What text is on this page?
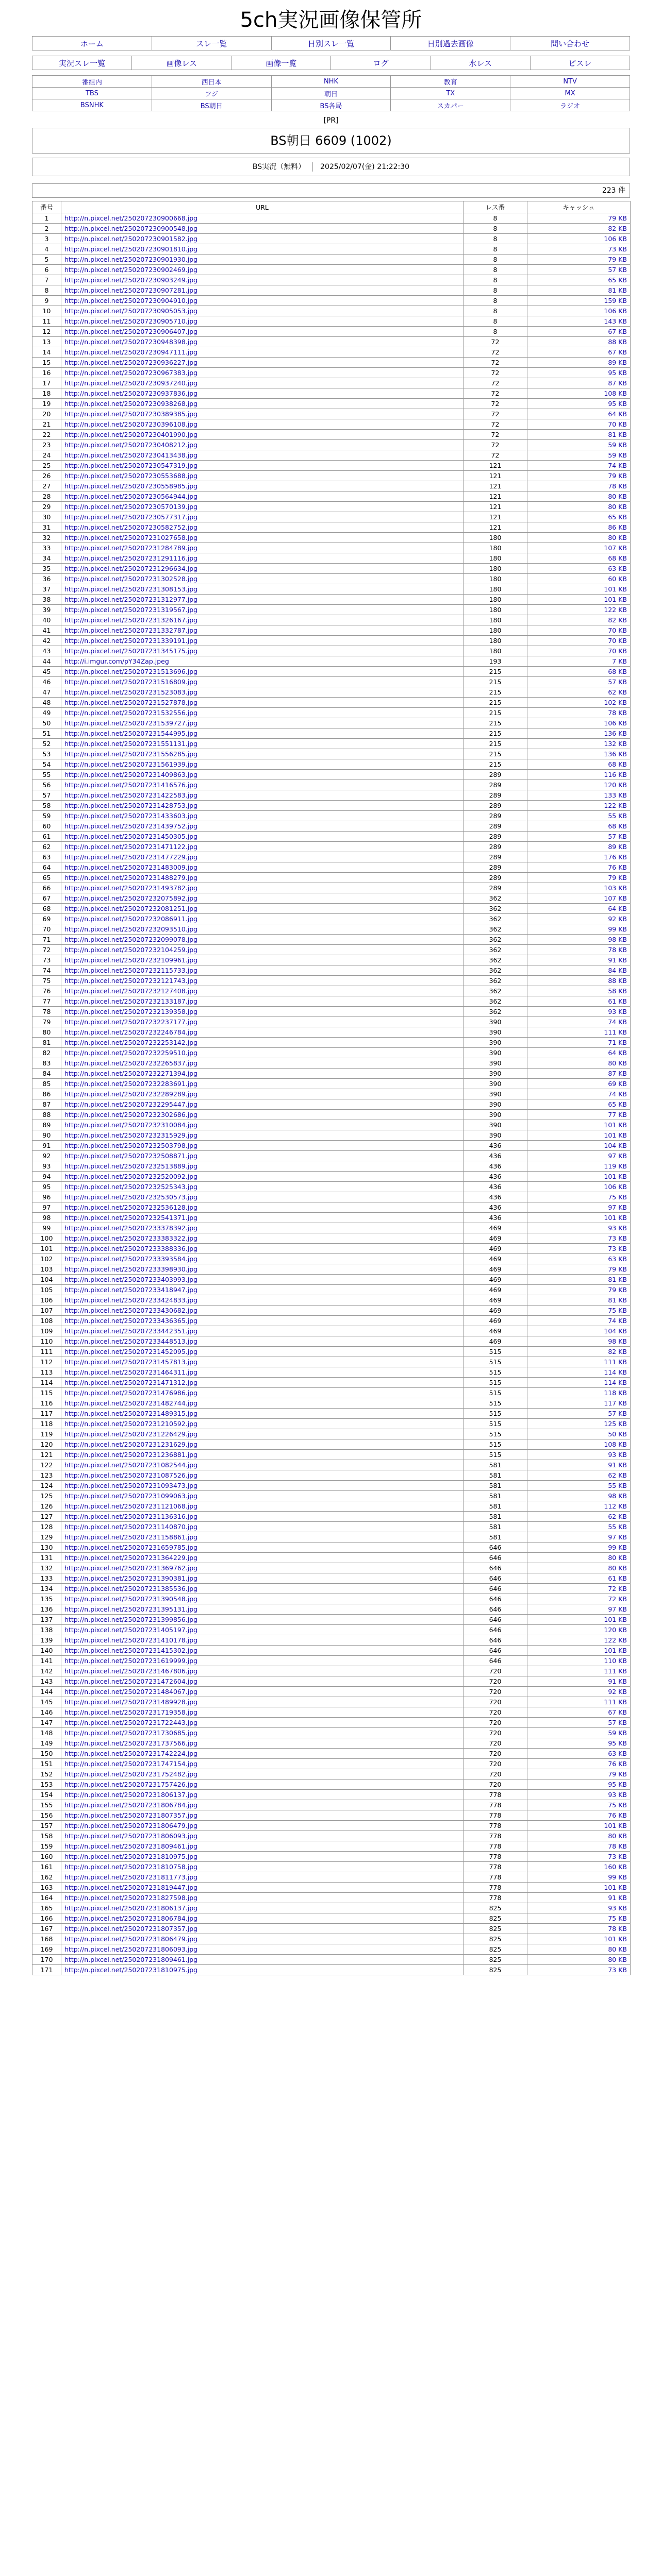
5ch実況画像保管所
ホーム	スレ一覧	日別スレ一覧	日別過去画像	問い合わせ
実況スレ一覧	画像レス	画像一覧	ログ	水レス	ピスレ
番組内	西日本	NHK	教育	NTV
TBS	フジ	朝日	TX	MX
BSNHK	BS朝日	BS各局	スカパー	ラジオ
[PR]
BS朝日 6609 (1002)
BS実況（無料） 2025/02/07(金) 21:22:30
223 件
番号	URL	レス番	キャッシュ
1	http://n.pixcel.net/250207230900668.jpg	8	79 KB
2	http://n.pixcel.net/250207230900548.jpg	8	82 KB
3	http://n.pixcel.net/250207230901582.jpg	8	106 KB
4	http://n.pixcel.net/250207230901810.jpg	8	73 KB
5	http://n.pixcel.net/250207230901930.jpg	8	79 KB
6	http://n.pixcel.net/250207230902469.jpg	8	57 KB
7	http://n.pixcel.net/250207230903249.jpg	8	65 KB
8	http://n.pixcel.net/250207230907281.jpg	8	81 KB
9	http://n.pixcel.net/250207230904910.jpg	8	159 KB
10	http://n.pixcel.net/250207230905053.jpg	8	106 KB
11	http://n.pixcel.net/250207230905710.jpg	8	143 KB
12	http://n.pixcel.net/250207230906407.jpg	8	67 KB
13	http://n.pixcel.net/250207230948398.jpg	72	88 KB
14	http://n.pixcel.net/250207230947111.jpg	72	67 KB
15	http://n.pixcel.net/250207230936227.jpg	72	89 KB
16	http://n.pixcel.net/250207230967383.jpg	72	95 KB
17	http://n.pixcel.net/250207230937240.jpg	72	87 KB
18	http://n.pixcel.net/250207230937836.jpg	72	108 KB
19	http://n.pixcel.net/250207230938268.jpg	72	95 KB
20	http://n.pixcel.net/250207230389385.jpg	72	64 KB
21	http://n.pixcel.net/250207230396108.jpg	72	70 KB
22	http://n.pixcel.net/250207230401990.jpg	72	81 KB
23	http://n.pixcel.net/250207230408212.jpg	72	59 KB
24	http://n.pixcel.net/250207230413438.jpg	72	59 KB
25	http://n.pixcel.net/250207230547319.jpg	121	74 KB
26	http://n.pixcel.net/250207230553688.jpg	121	79 KB
27	http://n.pixcel.net/250207230558985.jpg	121	78 KB
28	http://n.pixcel.net/250207230564944.jpg	121	80 KB
29	http://n.pixcel.net/250207230570139.jpg	121	80 KB
30	http://n.pixcel.net/250207230577317.jpg	121	65 KB
31	http://n.pixcel.net/250207230582752.jpg	121	86 KB
32	http://n.pixcel.net/250207231027658.jpg	180	80 KB
33	http://n.pixcel.net/250207231284789.jpg	180	107 KB
34	http://n.pixcel.net/250207231291116.jpg	180	68 KB
35	http://n.pixcel.net/250207231296634.jpg	180	63 KB
36	http://n.pixcel.net/250207231302528.jpg	180	60 KB
37	http://n.pixcel.net/250207231308153.jpg	180	101 KB
38	http://n.pixcel.net/250207231312977.jpg	180	101 KB
39	http://n.pixcel.net/250207231319567.jpg	180	122 KB
40	http://n.pixcel.net/250207231326167.jpg	180	82 KB
41	http://n.pixcel.net/250207231332787.jpg	180	70 KB
42	http://n.pixcel.net/250207231339191.jpg	180	70 KB
43	http://n.pixcel.net/250207231345175.jpg	180	70 KB
44	http://i.imgur.com/pY34Zap.jpeg	193	7 KB
45	http://n.pixcel.net/250207231513696.jpg	215	68 KB
46	http://n.pixcel.net/250207231516809.jpg	215	57 KB
47	http://n.pixcel.net/250207231523083.jpg	215	62 KB
48	http://n.pixcel.net/250207231527878.jpg	215	102 KB
49	http://n.pixcel.net/250207231532556.jpg	215	78 KB
50	http://n.pixcel.net/250207231539727.jpg	215	106 KB
51	http://n.pixcel.net/250207231544995.jpg	215	136 KB
52	http://n.pixcel.net/250207231551131.jpg	215	132 KB
53	http://n.pixcel.net/250207231556285.jpg	215	136 KB
54	http://n.pixcel.net/250207231561939.jpg	215	68 KB
55	http://n.pixcel.net/250207231409863.jpg	289	116 KB
56	http://n.pixcel.net/250207231416576.jpg	289	120 KB
57	http://n.pixcel.net/250207231422583.jpg	289	133 KB
58	http://n.pixcel.net/250207231428753.jpg	289	122 KB
59	http://n.pixcel.net/250207231433603.jpg	289	55 KB
60	http://n.pixcel.net/250207231439752.jpg	289	68 KB
61	http://n.pixcel.net/250207231450305.jpg	289	57 KB
62	http://n.pixcel.net/250207231471122.jpg	289	89 KB
63	http://n.pixcel.net/250207231477229.jpg	289	176 KB
64	http://n.pixcel.net/250207231483009.jpg	289	76 KB
65	http://n.pixcel.net/250207231488279.jpg	289	79 KB
66	http://n.pixcel.net/250207231493782.jpg	289	103 KB
67	http://n.pixcel.net/250207232075892.jpg	362	107 KB
68	http://n.pixcel.net/250207232081251.jpg	362	64 KB
69	http://n.pixcel.net/250207232086911.jpg	362	92 KB
70	http://n.pixcel.net/250207232093510.jpg	362	99 KB
71	http://n.pixcel.net/250207232099078.jpg	362	98 KB
72	http://n.pixcel.net/250207232104259.jpg	362	78 KB
73	http://n.pixcel.net/250207232109961.jpg	362	91 KB
74	http://n.pixcel.net/250207232115733.jpg	362	84 KB
75	http://n.pixcel.net/250207232121743.jpg	362	88 KB
76	http://n.pixcel.net/250207232127408.jpg	362	58 KB
77	http://n.pixcel.net/250207232133187.jpg	362	61 KB
78	http://n.pixcel.net/250207232139358.jpg	362	93 KB
79	http://n.pixcel.net/250207232237177.jpg	390	74 KB
80	http://n.pixcel.net/250207232246784.jpg	390	111 KB
81	http://n.pixcel.net/250207232253142.jpg	390	71 KB
82	http://n.pixcel.net/250207232259510.jpg	390	64 KB
83	http://n.pixcel.net/250207232265837.jpg	390	80 KB
84	http://n.pixcel.net/250207232271394.jpg	390	87 KB
85	http://n.pixcel.net/250207232283691.jpg	390	69 KB
86	http://n.pixcel.net/250207232289289.jpg	390	74 KB
87	http://n.pixcel.net/250207232295447.jpg	390	65 KB
88	http://n.pixcel.net/250207232302686.jpg	390	77 KB
89	http://n.pixcel.net/250207232310084.jpg	390	101 KB
90	http://n.pixcel.net/250207232315929.jpg	390	101 KB
91	http://n.pixcel.net/250207232503798.jpg	436	104 KB
92	http://n.pixcel.net/250207232508871.jpg	436	97 KB
93	http://n.pixcel.net/250207232513889.jpg	436	119 KB
94	http://n.pixcel.net/250207232520092.jpg	436	101 KB
95	http://n.pixcel.net/250207232525343.jpg	436	106 KB
96	http://n.pixcel.net/250207232530573.jpg	436	75 KB
97	http://n.pixcel.net/250207232536128.jpg	436	97 KB
98	http://n.pixcel.net/250207232541371.jpg	436	101 KB
99	http://n.pixcel.net/250207233378392.jpg	469	93 KB
100	http://n.pixcel.net/250207233383322.jpg	469	73 KB
101	http://n.pixcel.net/250207233388336.jpg	469	73 KB
102	http://n.pixcel.net/250207233393584.jpg	469	63 KB
103	http://n.pixcel.net/250207233398930.jpg	469	79 KB
104	http://n.pixcel.net/250207233403993.jpg	469	81 KB
105	http://n.pixcel.net/250207233418947.jpg	469	79 KB
106	http://n.pixcel.net/250207233424833.jpg	469	81 KB
107	http://n.pixcel.net/250207233430682.jpg	469	75 KB
108	http://n.pixcel.net/250207233436365.jpg	469	74 KB
109	http://n.pixcel.net/250207233442351.jpg	469	104 KB
110	http://n.pixcel.net/250207233448513.jpg	469	98 KB
111	http://n.pixcel.net/250207231452095.jpg	515	82 KB
112	http://n.pixcel.net/250207231457813.jpg	515	111 KB
113	http://n.pixcel.net/250207231464311.jpg	515	114 KB
114	http://n.pixcel.net/250207231471312.jpg	515	114 KB
115	http://n.pixcel.net/250207231476986.jpg	515	118 KB
116	http://n.pixcel.net/250207231482744.jpg	515	117 KB
117	http://n.pixcel.net/250207231489315.jpg	515	57 KB
118	http://n.pixcel.net/250207231210592.jpg	515	125 KB
119	http://n.pixcel.net/250207231226429.jpg	515	50 KB
120	http://n.pixcel.net/250207231231629.jpg	515	108 KB
121	http://n.pixcel.net/250207231236881.jpg	515	93 KB
122	http://n.pixcel.net/250207231082544.jpg	581	91 KB
123	http://n.pixcel.net/250207231087526.jpg	581	62 KB
124	http://n.pixcel.net/250207231093473.jpg	581	55 KB
125	http://n.pixcel.net/250207231099063.jpg	581	98 KB
126	http://n.pixcel.net/250207231121068.jpg	581	112 KB
127	http://n.pixcel.net/250207231136316.jpg	581	62 KB
128	http://n.pixcel.net/250207231140870.jpg	581	55 KB
129	http://n.pixcel.net/250207231158861.jpg	581	97 KB
130	http://n.pixcel.net/250207231659785.jpg	646	99 KB
131	http://n.pixcel.net/250207231364229.jpg	646	80 KB
132	http://n.pixcel.net/250207231369762.jpg	646	80 KB
133	http://n.pixcel.net/250207231390381.jpg	646	61 KB
134	http://n.pixcel.net/250207231385536.jpg	646	72 KB
135	http://n.pixcel.net/250207231390548.jpg	646	72 KB
136	http://n.pixcel.net/250207231395131.jpg	646	97 KB
137	http://n.pixcel.net/250207231399856.jpg	646	101 KB
138	http://n.pixcel.net/250207231405197.jpg	646	120 KB
139	http://n.pixcel.net/250207231410178.jpg	646	122 KB
140	http://n.pixcel.net/250207231415302.jpg	646	101 KB
141	http://n.pixcel.net/250207231619999.jpg	646	110 KB
142	http://n.pixcel.net/250207231467806.jpg	720	111 KB
143	http://n.pixcel.net/250207231472604.jpg	720	91 KB
144	http://n.pixcel.net/250207231484067.jpg	720	92 KB
145	http://n.pixcel.net/250207231489928.jpg	720	111 KB
146	http://n.pixcel.net/250207231719358.jpg	720	67 KB
147	http://n.pixcel.net/250207231722443.jpg	720	57 KB
148	http://n.pixcel.net/250207231730685.jpg	720	59 KB
149	http://n.pixcel.net/250207231737566.jpg	720	95 KB
150	http://n.pixcel.net/250207231742224.jpg	720	63 KB
151	http://n.pixcel.net/250207231747154.jpg	720	76 KB
152	http://n.pixcel.net/250207231752482.jpg	720	79 KB
153	http://n.pixcel.net/250207231757426.jpg	720	95 KB
154	http://n.pixcel.net/250207231806137.jpg	778	93 KB
155	http://n.pixcel.net/250207231806784.jpg	778	75 KB
156	http://n.pixcel.net/250207231807357.jpg	778	76 KB
157	http://n.pixcel.net/250207231806479.jpg	778	101 KB
158	http://n.pixcel.net/250207231806093.jpg	778	80 KB
159	http://n.pixcel.net/250207231809461.jpg	778	78 KB
160	http://n.pixcel.net/250207231810975.jpg	778	73 KB
161	http://n.pixcel.net/250207231810758.jpg	778	160 KB
162	http://n.pixcel.net/250207231811773.jpg	778	99 KB
163	http://n.pixcel.net/250207231819447.jpg	778	101 KB
164	http://n.pixcel.net/250207231827598.jpg	778	91 KB
165	http://n.pixcel.net/250207231806137.jpg	825	93 KB
166	http://n.pixcel.net/250207231806784.jpg	825	75 KB
167	http://n.pixcel.net/250207231807357.jpg	825	78 KB
168	http://n.pixcel.net/250207231806479.jpg	825	101 KB
169	http://n.pixcel.net/250207231806093.jpg	825	80 KB
170	http://n.pixcel.net/250207231809461.jpg	825	80 KB
171	http://n.pixcel.net/250207231810975.jpg	825	73 KB
